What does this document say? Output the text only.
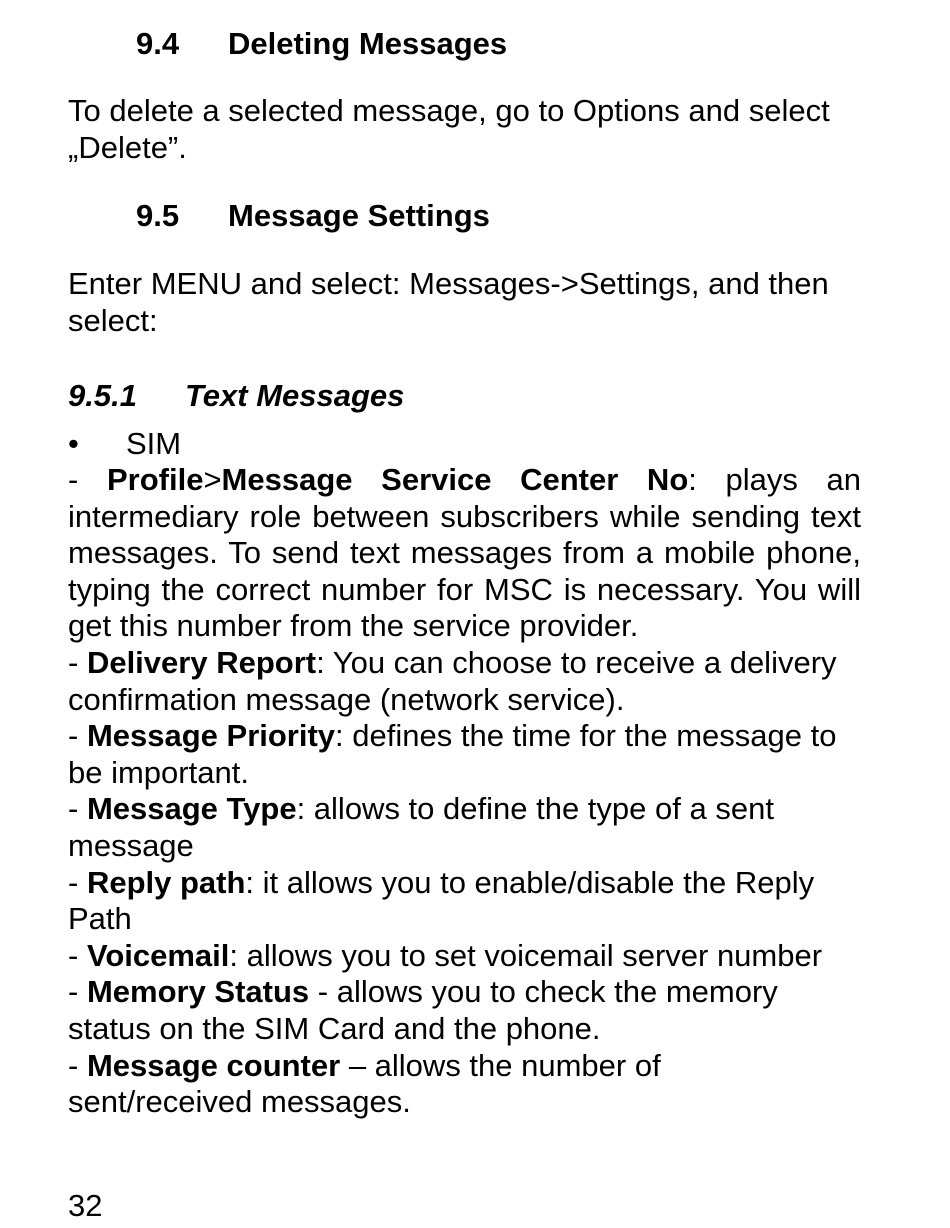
9.4 Deleting Messages
To delete a selected message, go to Options and select „Delete”.
9.5 Message Settings
Enter MENU and select: Messages->Settings, and then select:
9.5.1 Text Messages
• SIM

- Profile>Message Service Center No: plays an intermediary role between subscribers while sending text messages. To send text messages from a mobile phone, typing the correct number for MSC is necessary. You will get this number from the service provider.

- Delivery Report: You can choose to receive a delivery confirmation message (network service).

- Message Priority: defines the time for the message to be important.

- Message Type: allows to define the type of a sent message

- Reply path: it allows you to enable/disable the Reply Path

- Voicemail: allows you to set voicemail server number

- Memory Status - allows you to check the memory status on the SIM Card and the phone.

- Message counter – allows the number of sent/received messages.

32
